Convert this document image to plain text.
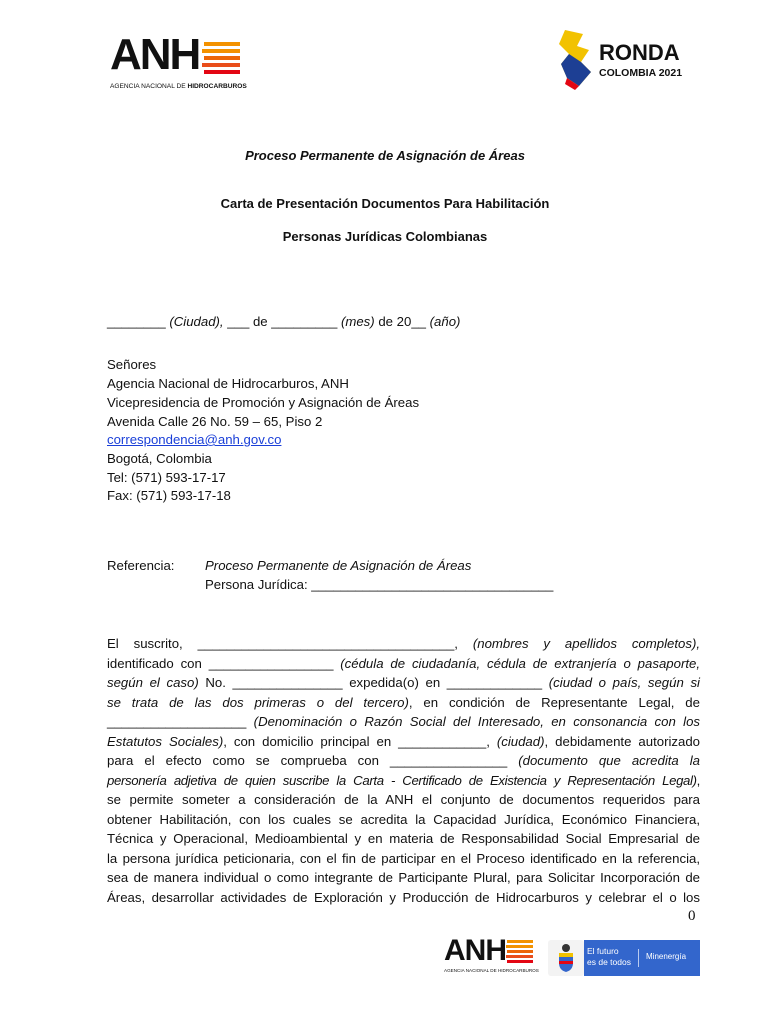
ANH
AGENCIA NACIONAL DE HIDROCARBUROS
RONDA
COLOMBIA 2021
Proceso Permanente de Asignación de Áreas
Carta de Presentación Documentos Para Habilitación
Personas Jurídicas Colombianas
________ (Ciudad), ___ de _________ (mes) de 20__ (año)
Señores
Agencia Nacional de Hidrocarburos, ANH
Vicepresidencia de Promoción y Asignación de Áreas
Avenida Calle 26 No. 59 – 65, Piso 2
correspondencia@anh.gov.co
Bogotá, Colombia
Tel: (571) 593-17-17
Fax: (571) 593-17-18
Referencia: Proceso Permanente de Asignación de Áreas
Persona Jurídica: _________________________________
El suscrito, ___________________________________, (nombres y apellidos completos),
identificado con _________________ (cédula de ciudadanía, cédula de extranjería o pasaporte,
según el caso) No. _______________ expedida(o) en _____________ (ciudad o país, según si
se trata de las dos primeras o del tercero), en condición de Representante Legal, de
___________________ (Denominación o Razón Social del Interesado, en consonancia con los
Estatutos Sociales), con domicilio principal en ____________, (ciudad), debidamente autorizado
para el efecto como se comprueba con ________________ (documento que acredita la
personería adjetiva de quien suscribe la Carta - Certificado de Existencia y Representación Legal),
se permite someter a consideración de la ANH el conjunto de documentos requeridos para
obtener Habilitación, con los cuales se acredita la Capacidad Jurídica, Económico Financiera,
Técnica y Operacional, Medioambiental y en materia de Responsabilidad Social Empresarial de
la persona jurídica peticionaria, con el fin de participar en el Proceso identificado en la referencia,
sea de manera individual o como integrante de Participante Plural, para Solicitar Incorporación de
Áreas, desarrollar actividades de Exploración y Producción de Hidrocarburos y celebrar el o los
0
ANH
AGENCIA NACIONAL DE HIDROCARBUROS
El futuro
es de todos
Minenergía
